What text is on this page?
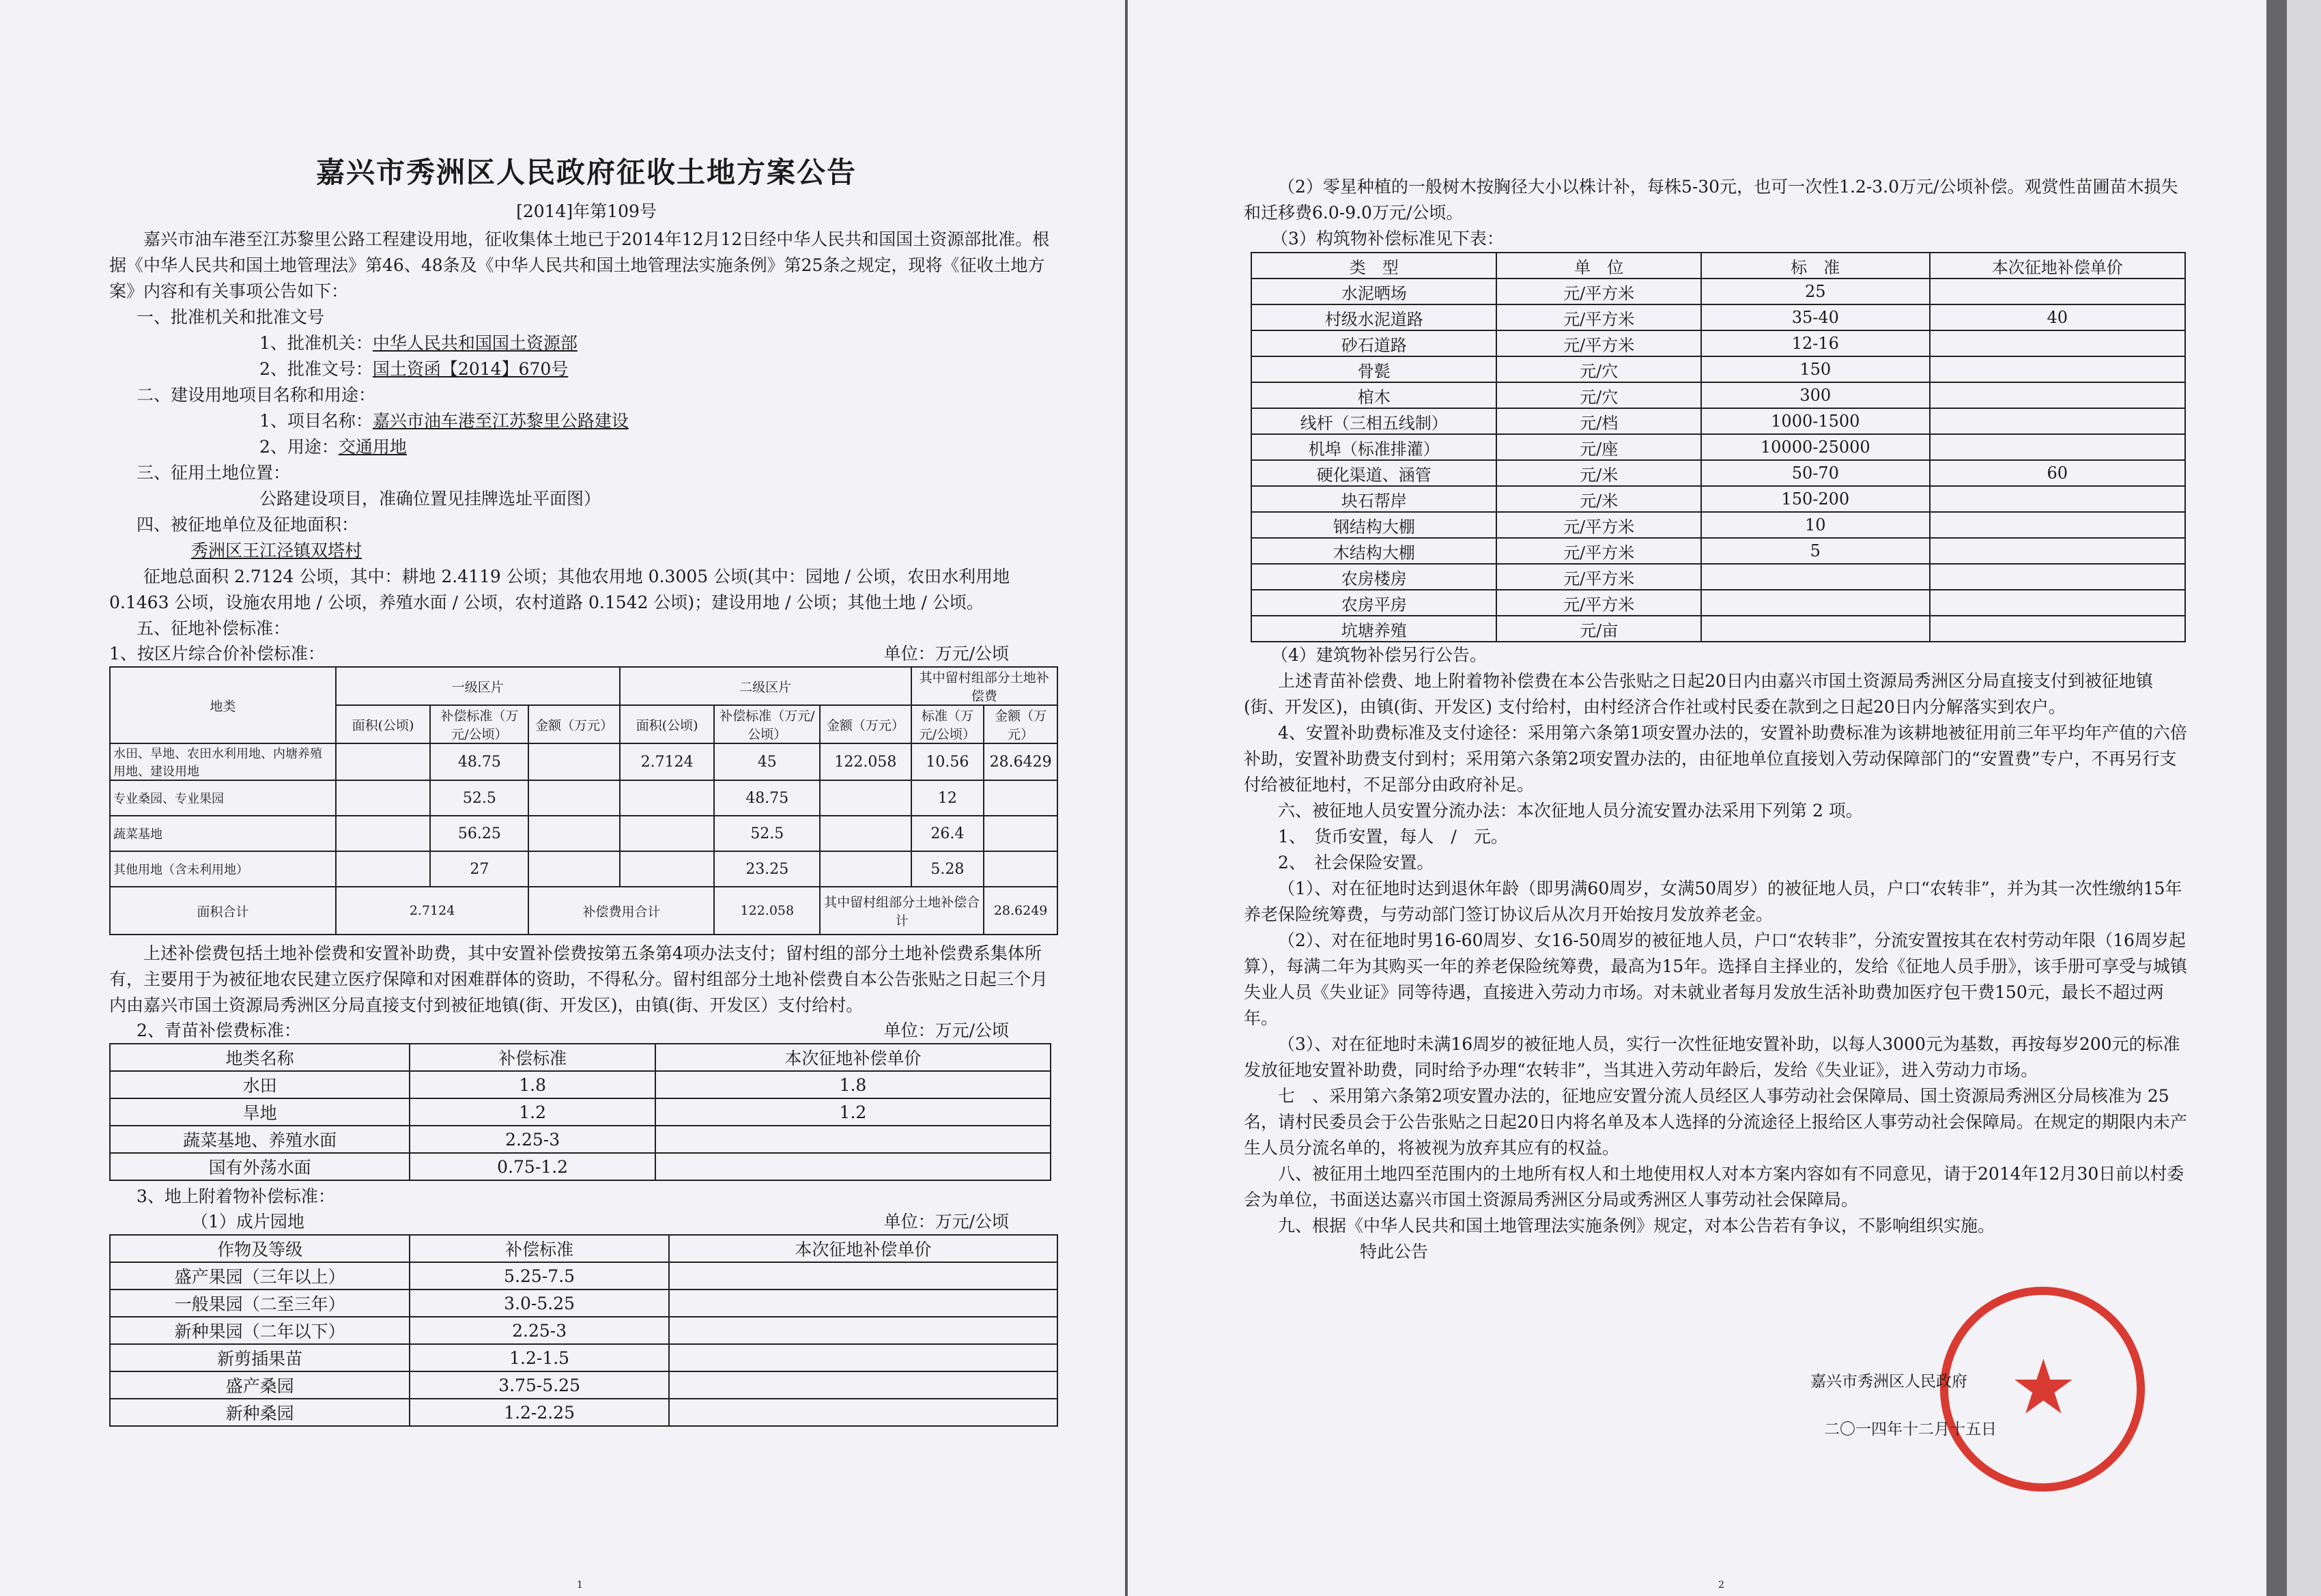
嘉兴市秀洲区人民政府征收土地方案公告
[2014]年第109号

嘉兴市油车港至江苏黎里公路工程建设用地，征收集体土地已于2014年12月12日经中华人民共和国国土资源部批准。根据《中华人民共和国土地管理法》第46、48条及《中华人民共和国土地管理法实施条例》第25条之规定，现将《征收土地方案》内容和有关事项公告如下：

一、批准机关和批准文号

1、批准机关：中华人民共和国国土资源部

2、批准文号：国土资函【2014】670号

二、建设用地项目名称和用途：

1、项目名称：嘉兴市油车港至江苏黎里公路建设

2、用途：交通用地

三、征用土地位置：

公路建设项目，准确位置见挂牌选址平面图）

四、被征地单位及征地面积：

秀洲区王江泾镇双塔村

征地总面积 2.7124 公顷，其中：耕地 2.4119 公顷；其他农用地 0.3005 公顷(其中：园地 / 公顷，农田水利用地 0.1463 公顷，设施农用地 / 公顷，养殖水面 / 公顷，农村道路 0.1542 公顷)；建设用地 / 公顷；其他土地 / 公顷。

五、征地补偿标准：

1、按区片综合价补偿标准：	单位：万元/公顷
地类	一级区片			二级区片			其中留村组部分土地补偿费	
	面积(公顷)	补偿标准（万元/公顷）	金额（万元）	面积(公顷)	补偿标准（万元/公顷）	金额（万元）	标准（万元/公顷）	金额（万元）
水田、旱地、农田水利用地、内塘养殖用地、建设用地		48.75		2.7124	45	122.058	10.56	28.6429
专业桑园、专业果园		52.5			48.75		12	
蔬菜基地		56.25			52.5		26.4	
其他用地（含未利用地）		27			23.25		5.28	
面积合计	2.7124		补偿费用合计		122.058	其中留村组部分土地补偿合计		28.6249

上述补偿费包括土地补偿费和安置补助费，其中安置补偿费按第五条第4项办法支付；留村组的部分土地补偿费系集体所有，主要用于为被征地农民建立医疗保障和对困难群体的资助，不得私分。留村组部分土地补偿费自本公告张贴之日起三个月内由嘉兴市国土资源局秀洲区分局直接支付到被征地镇(街、开发区)，由镇(街、开发区）支付给村。

2、青苗补偿费标准：	单位：万元/公顷
地类名称	补偿标准	本次征地补偿单价
水田	1.8	1.8
旱地	1.2	1.2
蔬菜基地、养殖水面	2.25-3	
国有外荡水面	0.75-1.2	

3、地上附着物补偿标准：

（1）成片园地	单位：万元/公顷
作物及等级	补偿标准	本次征地补偿单价
盛产果园（三年以上）	5.25-7.5	
一般果园（二至三年）	3.0-5.25	
新种果园（二年以下）	2.25-3	
新剪插果苗	1.2-1.5	
盛产桑园	3.75-5.25	
新种桑园	1.2-2.25	
1

（2）零星种植的一般树木按胸径大小以株计补，每株5-30元，也可一次性1.2-3.0万元/公顷补偿。观赏性苗圃苗木损失和迁移费6.0-9.0万元/公顷。

（3）构筑物补偿标准见下表：

类　型	单　位	标　准	本次征地补偿单价
水泥晒场	元/平方米	25	
村级水泥道路	元/平方米	35-40	40
砂石道路	元/平方米	12-16	
骨甏	元/穴	150	
棺木	元/穴	300	
线杆（三相五线制）	元/档	1000-1500	
机埠（标准排灌）	元/座	10000-25000	
硬化渠道、涵管	元/米	50-70	60
块石帮岸	元/米	150-200	
钢结构大棚	元/平方米	10	
木结构大棚	元/平方米	5	
农房楼房	元/平方米		
农房平房	元/平方米		
坑塘养殖	元/亩		

（4）建筑物补偿另行公告。

上述青苗补偿费、地上附着物补偿费在本公告张贴之日起20日内由嘉兴市国土资源局秀洲区分局直接支付到被征地镇(街、开发区)，由镇(街、开发区) 支付给村，由村经济合作社或村民委在款到之日起20日内分解落实到农户。

4、安置补助费标准及支付途径：采用第六条第1项安置办法的，安置补助费标准为该耕地被征用前三年平均年产值的六倍补助，安置补助费支付到村；采用第六条第2项安置办法的，由征地单位直接划入劳动保障部门的“安置费”专户，不再另行支付给被征地村，不足部分由政府补足。

六、被征地人员安置分流办法：本次征地人员分流安置办法采用下列第 2 项。

1、　货币安置，每人　/　元。

2、　社会保险安置。

（1）、对在征地时达到退休年龄（即男满60周岁，女满50周岁）的被征地人员，户口“农转非”，并为其一次性缴纳15年养老保险统筹费，与劳动部门签订协议后从次月开始按月发放养老金。

（2）、对在征地时男16-60周岁、女16-50周岁的被征地人员，户口“农转非”，分流安置按其在农村劳动年限（16周岁起算），每满二年为其购买一年的养老保险统筹费，最高为15年。选择自主择业的，发给《征地人员手册》，该手册可享受与城镇失业人员《失业证》同等待遇，直接进入劳动力市场。对未就业者每月发放生活补助费加医疗包干费150元，最长不超过两年。

（3）、对在征地时未满16周岁的被征地人员，实行一次性征地安置补助，以每人3000元为基数，再按每岁200元的标准发放征地安置补助费，同时给予办理“农转非”，当其进入劳动年龄后，发给《失业证》，进入劳动力市场。

七　、采用第六条第2项安置办法的，征地应安置分流人员经区人事劳动社会保障局、国土资源局秀洲区分局核准为 25 名，请村民委员会于公告张贴之日起20日内将名单及本人选择的分流途径上报给区人事劳动社会保障局。在规定的期限内未产生人员分流名单的，将被视为放弃其应有的权益。

八、被征用土地四至范围内的土地所有权人和土地使用权人对本方案内容如有不同意见，请于2014年12月30日前以村委会为单位，书面送达嘉兴市国土资源局秀洲区分局或秀洲区人事劳动社会保障局。

九、根据《中华人民共和国土地管理法实施条例》规定，对本公告若有争议，不影响组织实施。

特此公告

★
嘉兴市秀洲区人民政府
二〇一四年十二月十五日
2
